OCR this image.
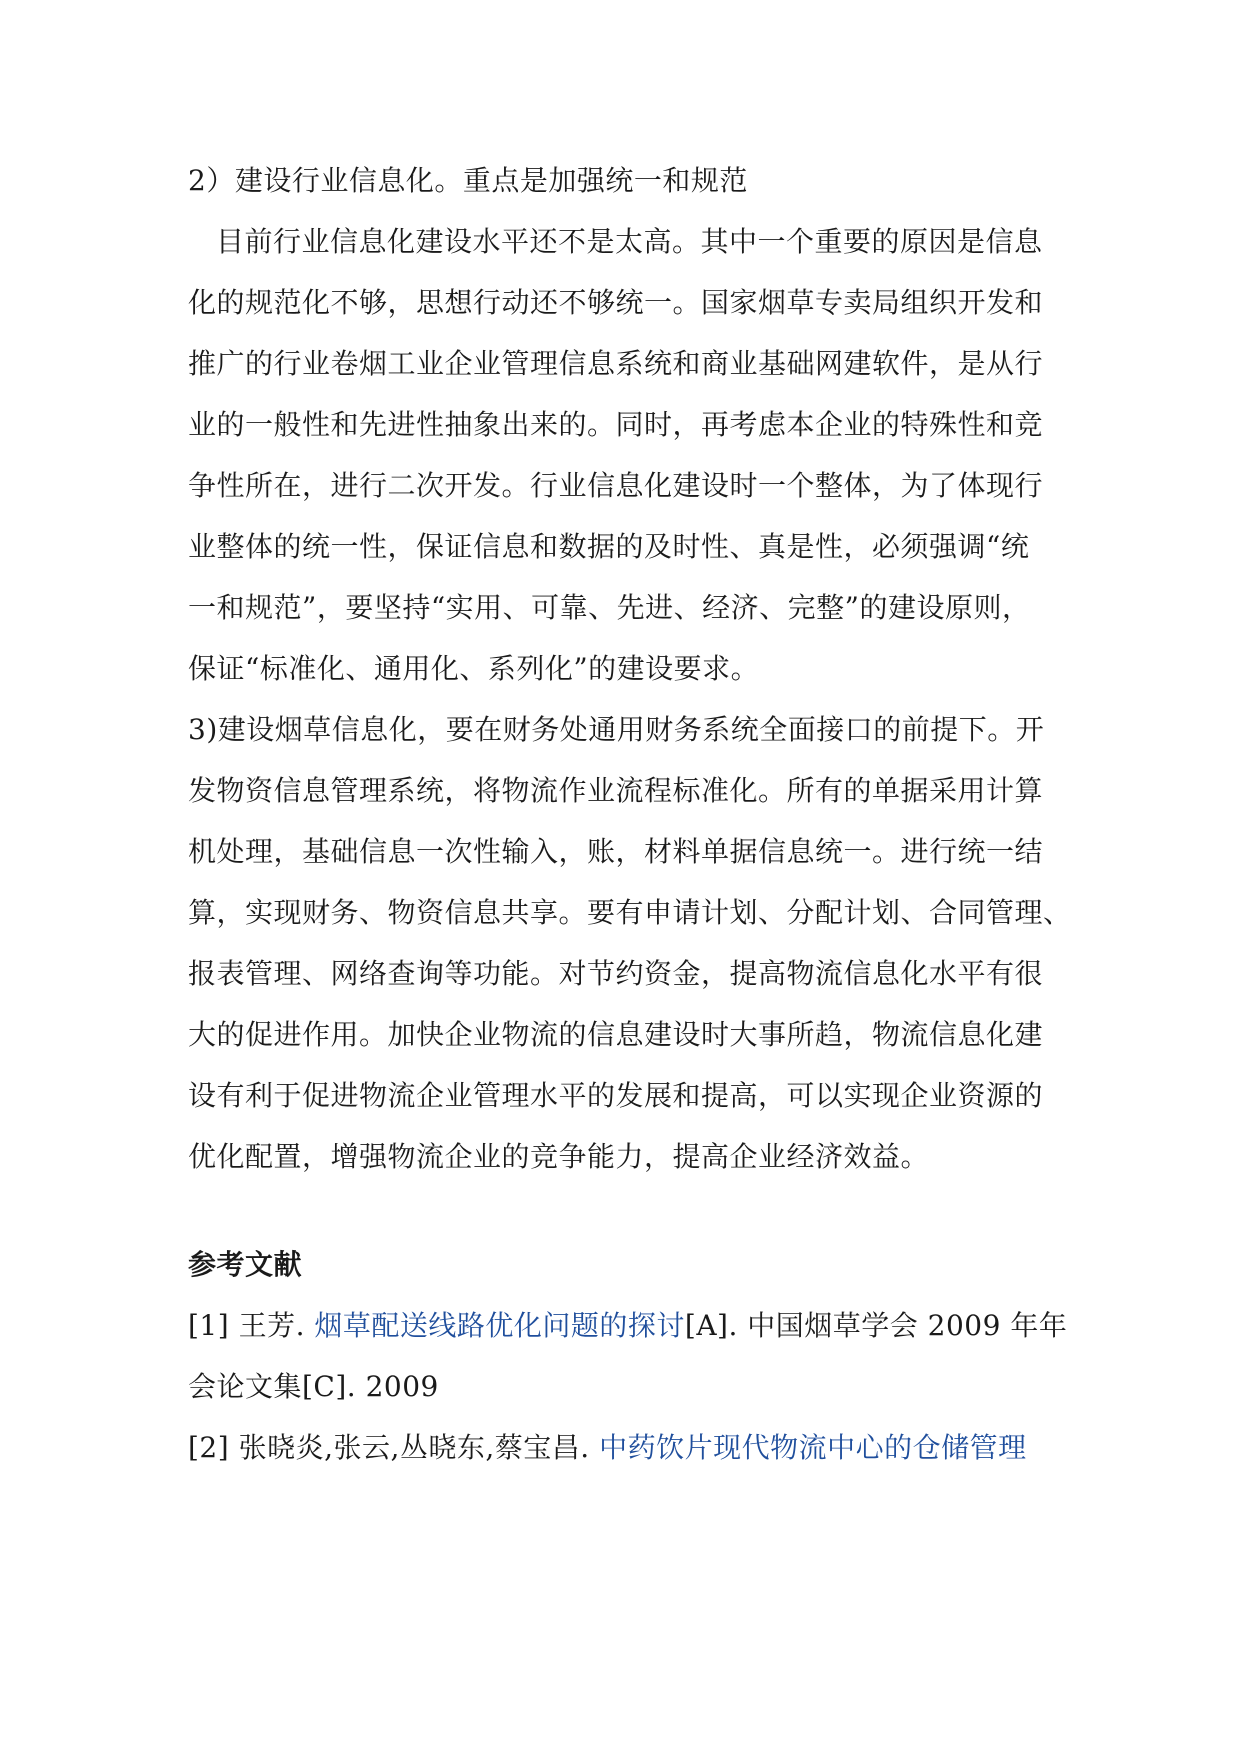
2）建设行业信息化。重点是加强统一和规范
目前行业信息化建设水平还不是太高。其中一个重要的原因是信息
化的规范化不够，思想行动还不够统一。国家烟草专卖局组织开发和
推广的行业卷烟工业企业管理信息系统和商业基础网建软件，是从行
业的一般性和先进性抽象出来的。同时，再考虑本企业的特殊性和竞
争性所在，进行二次开发。行业信息化建设时一个整体，为了体现行
业整体的统一性，保证信息和数据的及时性、真是性，必须强调“统
一和规范”，要坚持“实用、可靠、先进、经济、完整”的建设原则，
保证“标准化、通用化、系列化”的建设要求。
3)建设烟草信息化，要在财务处通用财务系统全面接口的前提下。开
发物资信息管理系统，将物流作业流程标准化。所有的单据采用计算
机处理，基础信息一次性输入，账，材料单据信息统一。进行统一结
算，实现财务、物资信息共享。要有申请计划、分配计划、合同管理、
报表管理、网络查询等功能。对节约资金，提高物流信息化水平有很
大的促进作用。加快企业物流的信息建设时大事所趋，物流信息化建
设有利于促进物流企业管理水平的发展和提高，可以实现企业资源的
优化配置，增强物流企业的竞争能力，提高企业经济效益。
参考文献
[1] 王芳. 烟草配送线路优化问题的探讨[A]. 中国烟草学会 2009 年年
会论文集[C]. 2009
[2] 张晓炎,张云,丛晓东,蔡宝昌. 中药饮片现代物流中心的仓储管理
